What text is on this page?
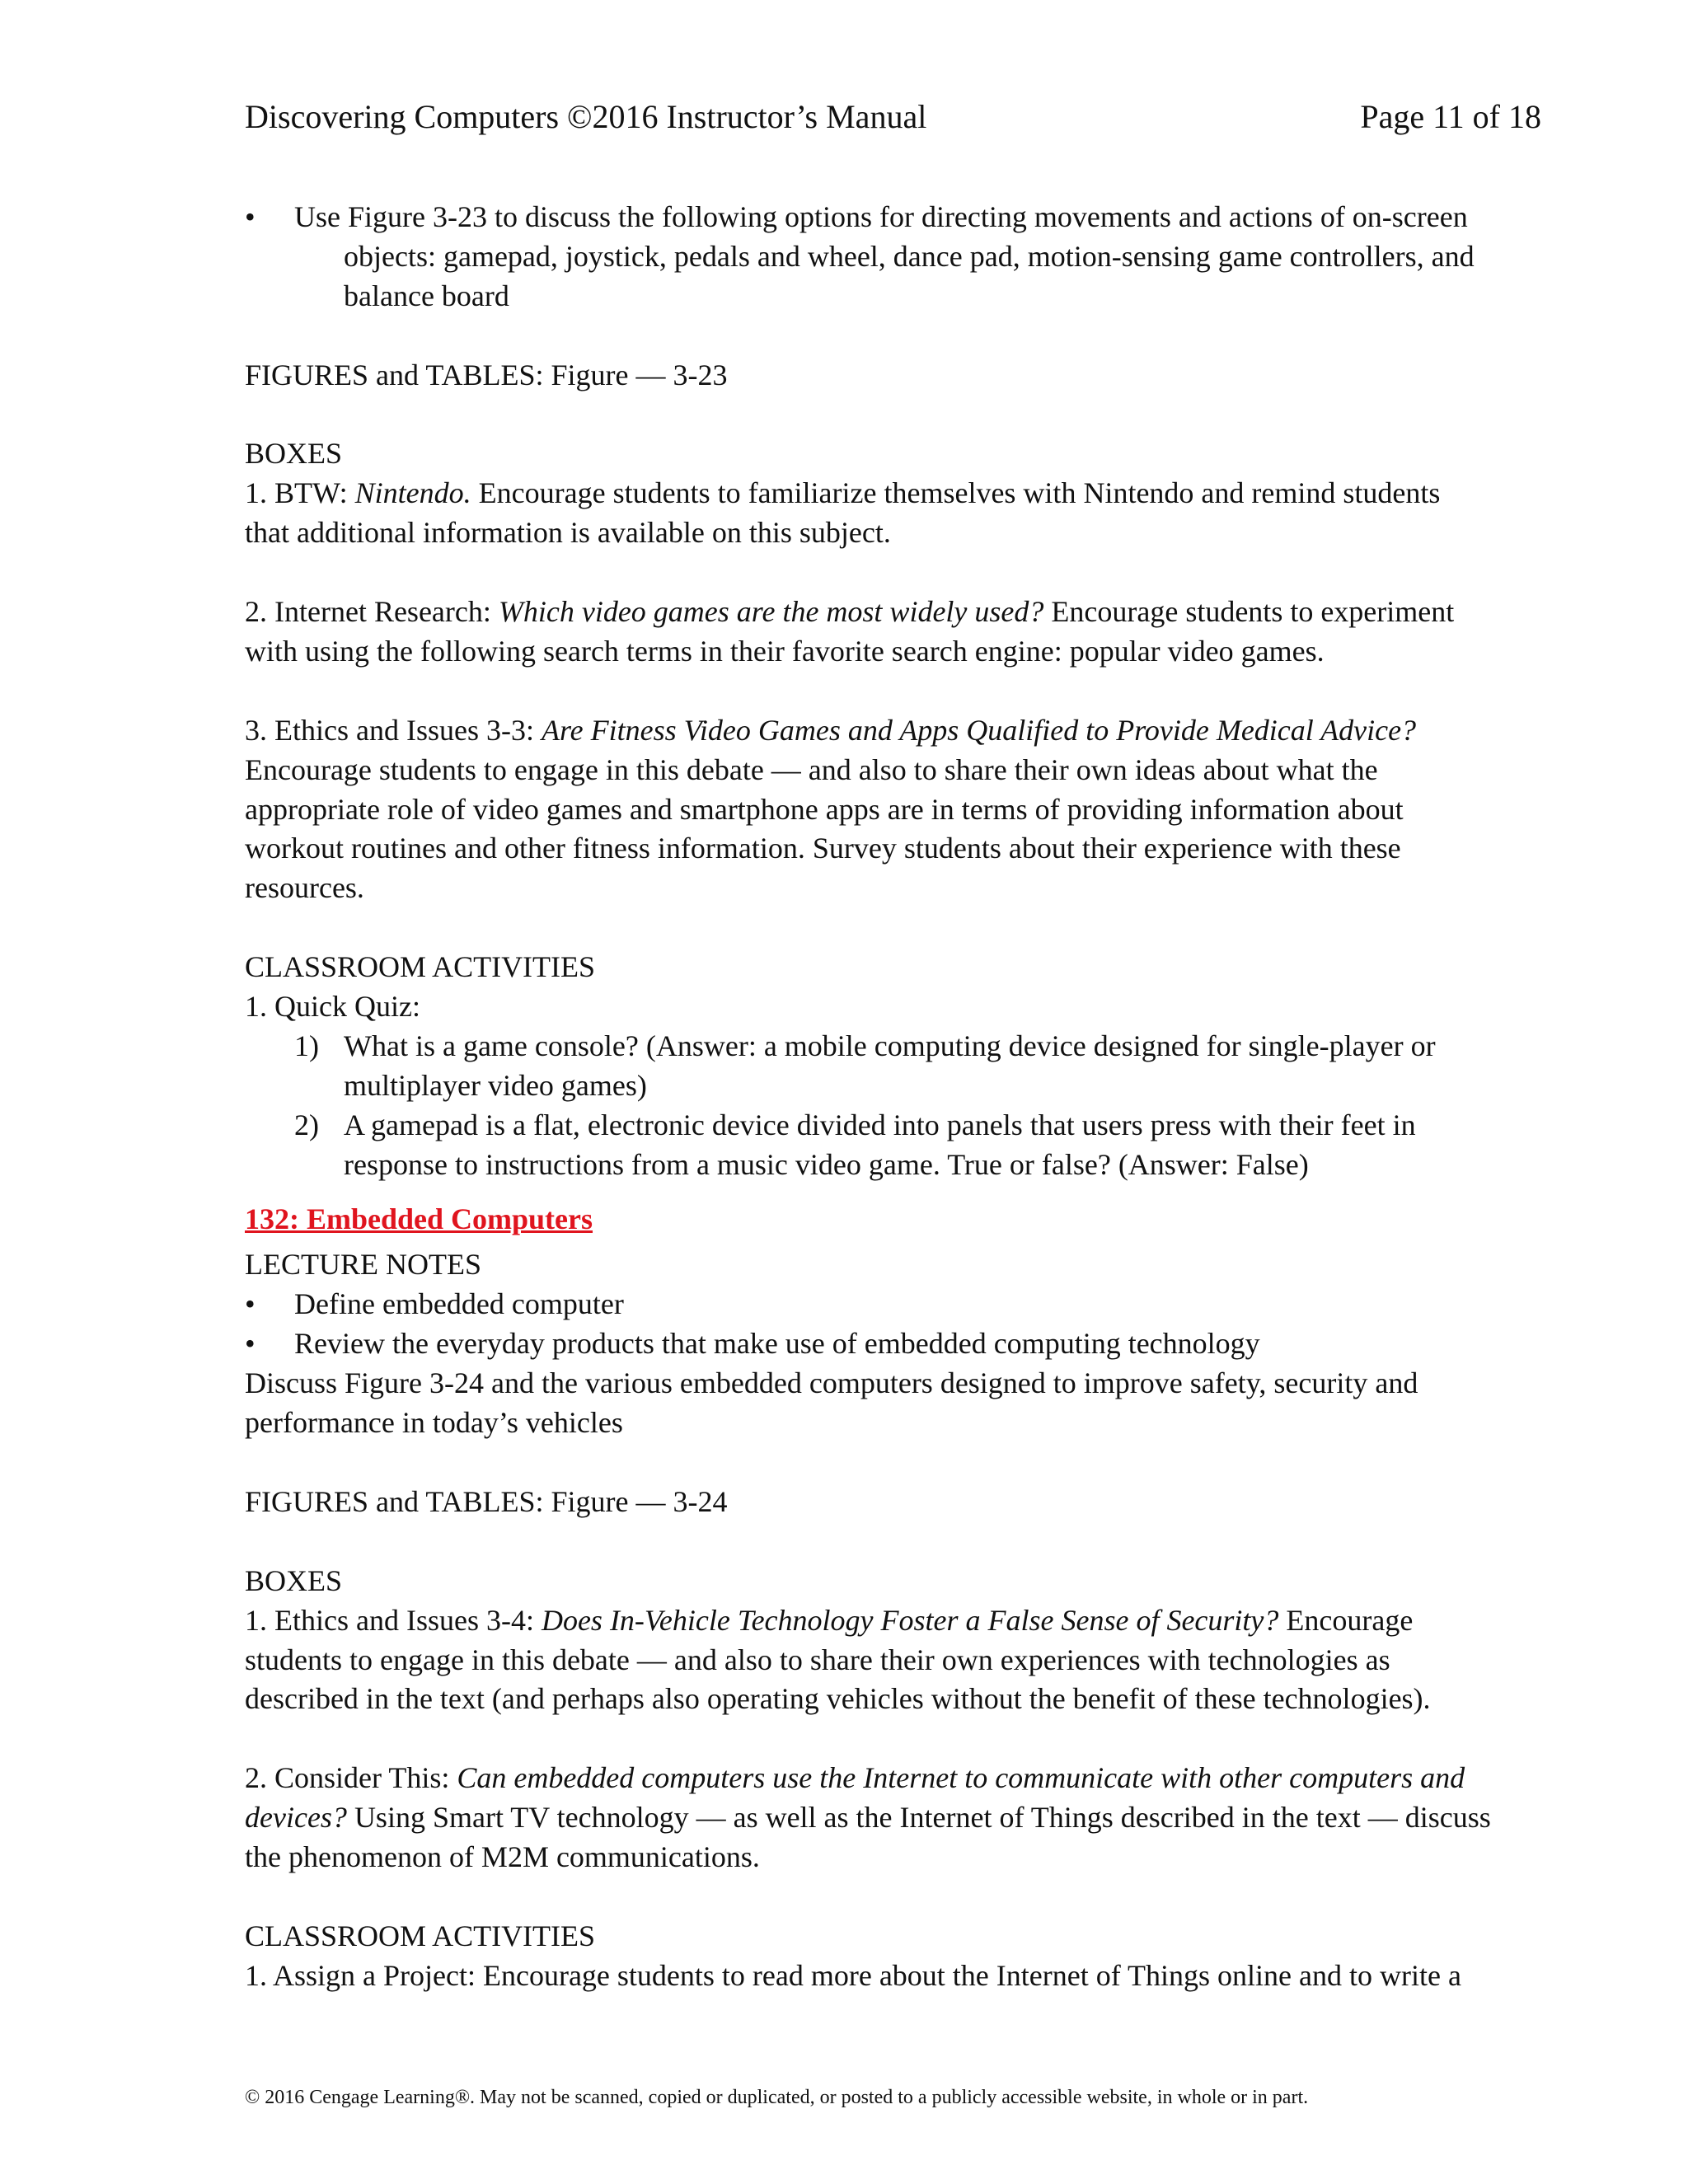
Discovering Computers ©2016 Instructor’s Manual	Page 11 of 18
•	Use Figure 3-23 to discuss the following options for directing movements and actions of on-screen
objects: gamepad, joystick, pedals and wheel, dance pad, motion-sensing game controllers, and
balance board
FIGURES and TABLES: Figure — 3-23
BOXES
1. BTW: Nintendo. Encourage students to familiarize themselves with Nintendo and remind students
that additional information is available on this subject.
2. Internet Research: Which video games are the most widely used? Encourage students to experiment
with using the following search terms in their favorite search engine: popular video games.
3. Ethics and Issues 3-3: Are Fitness Video Games and Apps Qualified to Provide Medical Advice?
Encourage students to engage in this debate — and also to share their own ideas about what the
appropriate role of video games and smartphone apps are in terms of providing information about
workout routines and other fitness information. Survey students about their experience with these
resources.
CLASSROOM ACTIVITIES
1. Quick Quiz:
1) What is a game console? (Answer: a mobile computing device designed for single-player or
multiplayer video games)
2) A gamepad is a flat, electronic device divided into panels that users press with their feet in
response to instructions from a music video game. True or false? (Answer: False)
132: Embedded Computers
LECTURE NOTES
•	Define embedded computer
•	Review the everyday products that make use of embedded computing technology
Discuss Figure 3-24 and the various embedded computers designed to improve safety, security and
performance in today’s vehicles
FIGURES and TABLES: Figure — 3-24
BOXES
1. Ethics and Issues 3-4: Does In-Vehicle Technology Foster a False Sense of Security? Encourage
students to engage in this debate — and also to share their own experiences with technologies as
described in the text (and perhaps also operating vehicles without the benefit of these technologies).
2. Consider This: Can embedded computers use the Internet to communicate with other computers and
devices? Using Smart TV technology — as well as the Internet of Things described in the text — discuss
the phenomenon of M2M communications.
CLASSROOM ACTIVITIES
1. Assign a Project: Encourage students to read more about the Internet of Things online and to write a
© 2016 Cengage Learning®. May not be scanned, copied or duplicated, or posted to a publicly accessible website, in whole or in part.
